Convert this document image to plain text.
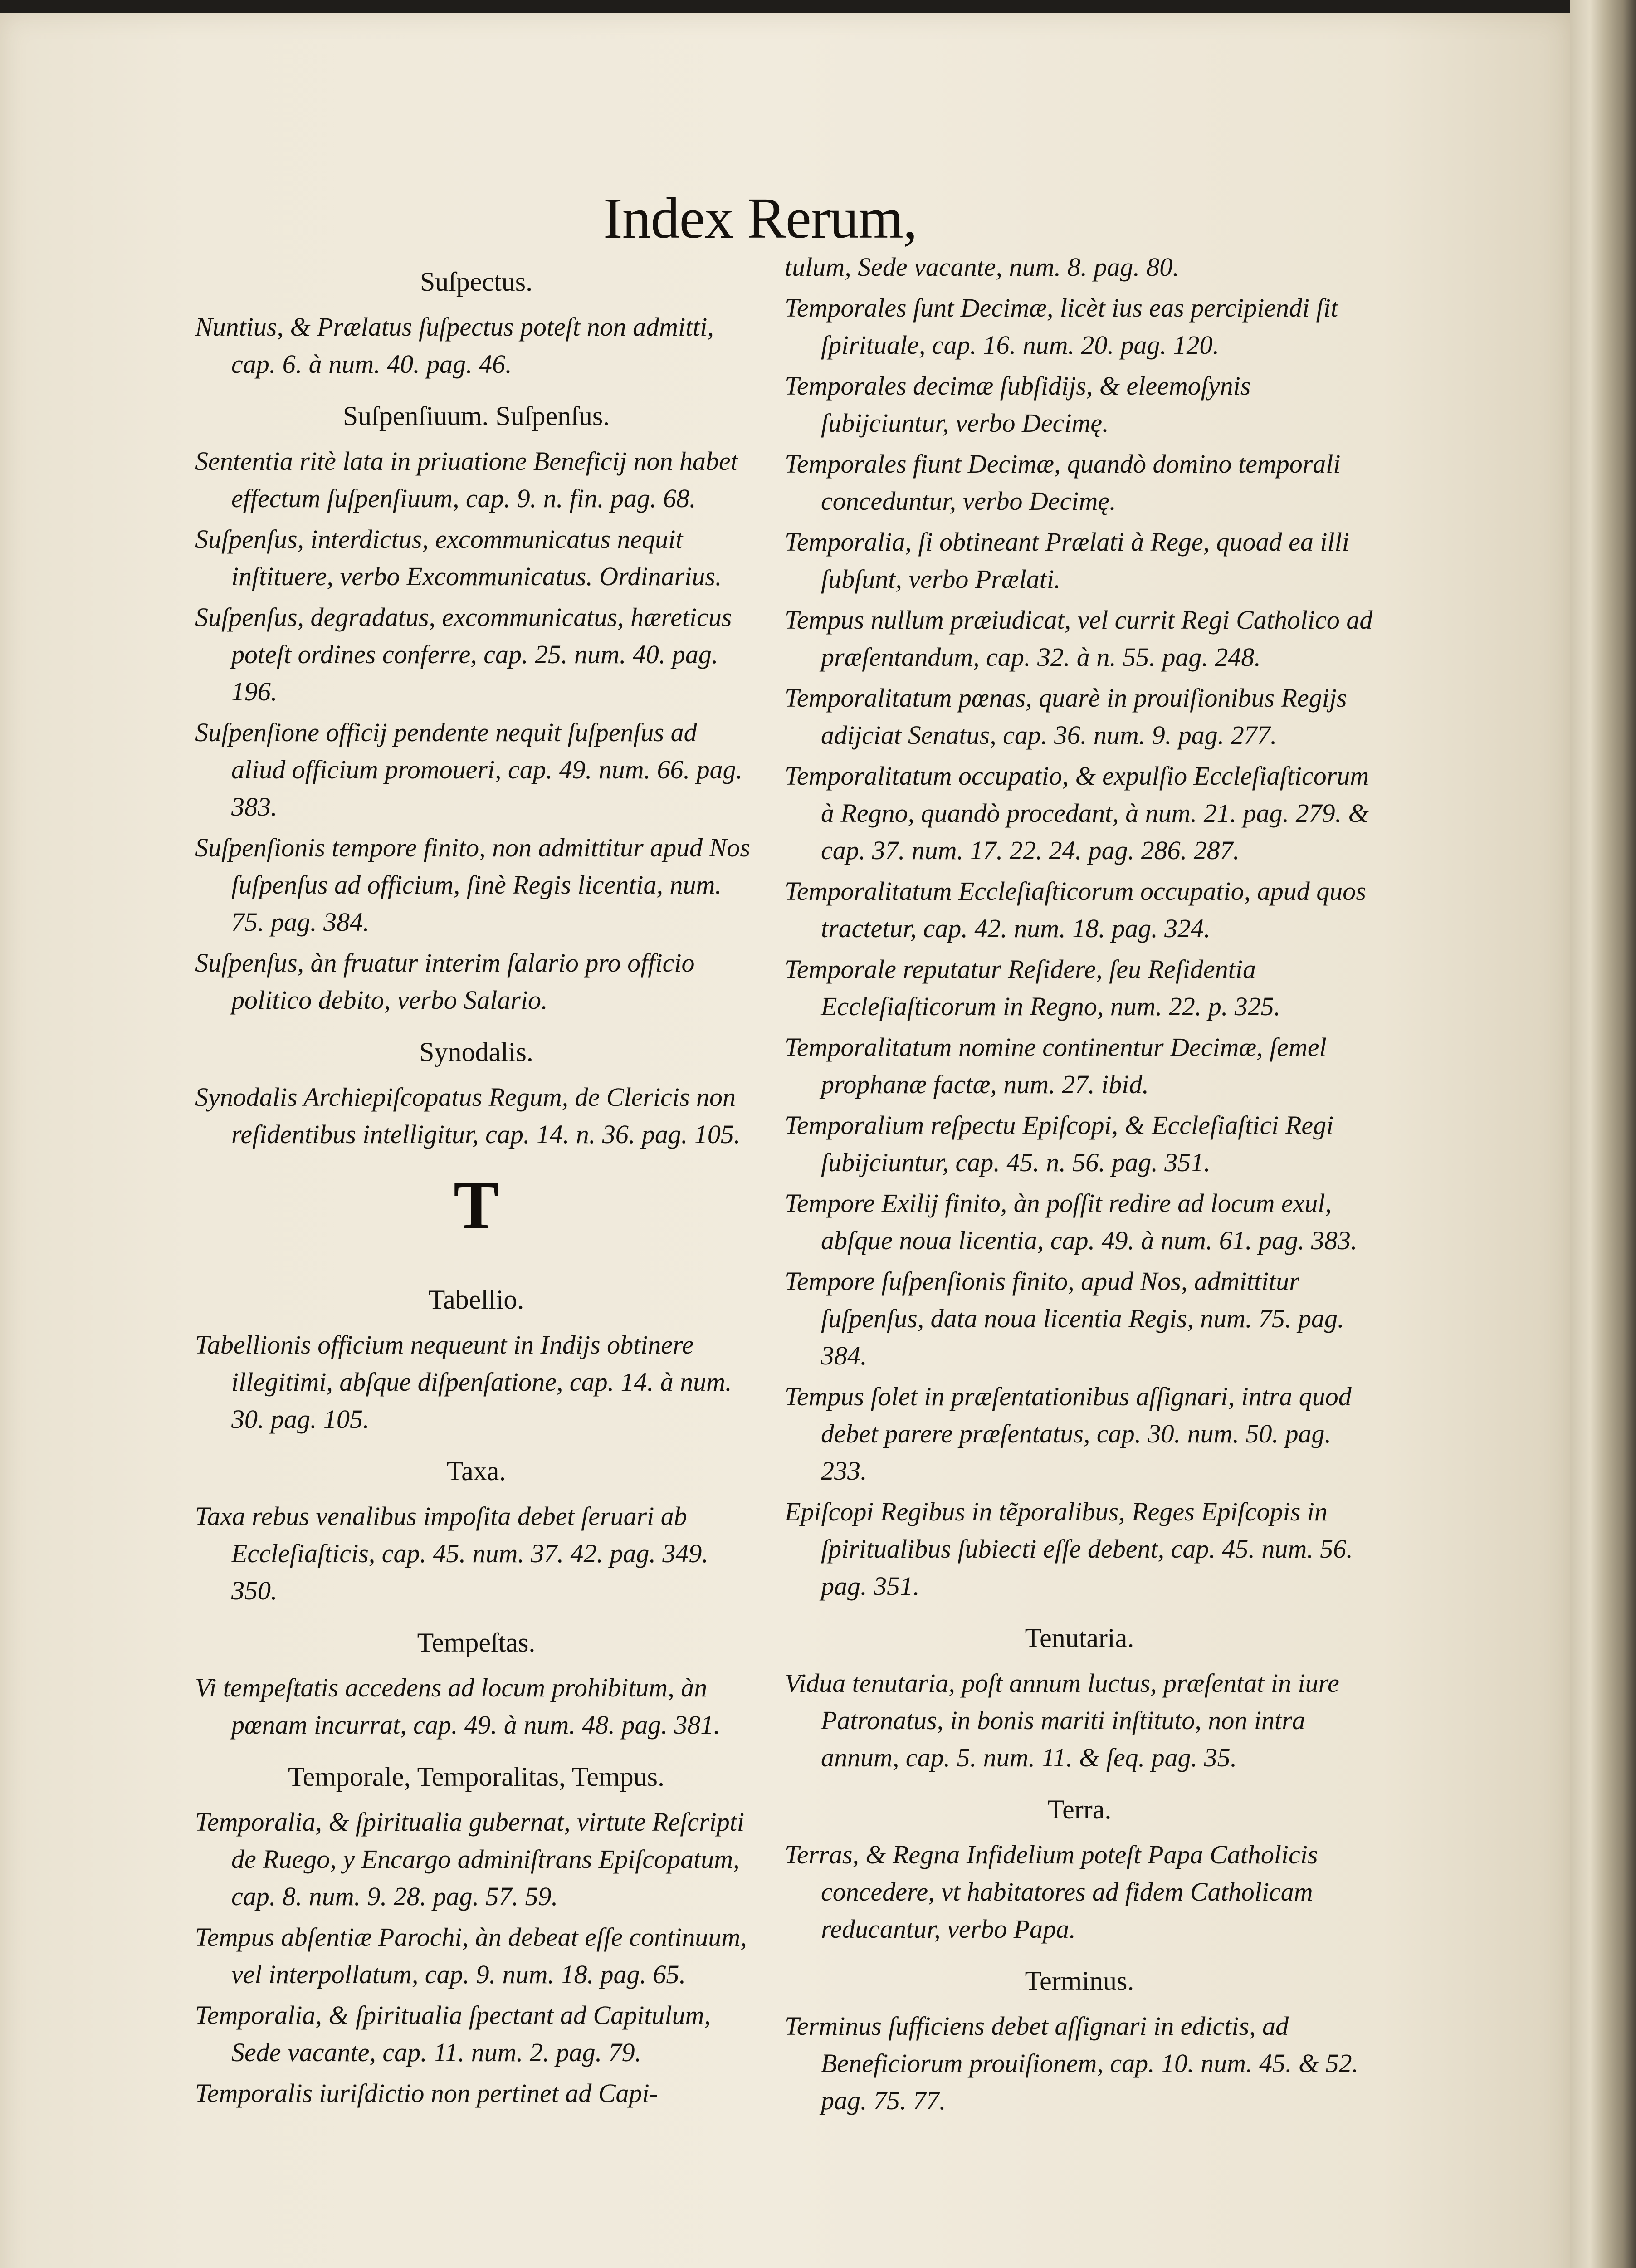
Index Rerum,
Suſpectus.
Nuntius, & Prælatus ſuſpectus poteſt non admitti, cap. 6. à num. 40. pag. 46.
Suſpenſiuum. Suſpenſus.
Sententia ritè lata in priuatione Beneficij non habet effectum ſuſpenſiuum, cap. 9. n. fin. pag. 68.
Suſpenſus, interdictus, excommunicatus nequit inſtituere, verbo Excommunicatus. Ordinarius.
Suſpenſus, degradatus, excommunicatus, hæreticus poteſt ordines conferre, cap. 25. num. 40. pag. 196.
Suſpenſione officij pendente nequit ſuſpenſus ad aliud officium promoueri, cap. 49. num. 66. pag. 383.
Suſpenſionis tempore finito, non admittitur apud Nos ſuſpenſus ad officium, ſinè Regis licentia, num. 75. pag. 384.
Suſpenſus, àn fruatur interim ſalario pro officio politico debito, verbo Salario.
Synodalis.
Synodalis Archiepiſcopatus Regum, de Clericis non reſidentibus intelligitur, cap. 14. n. 36. pag. 105.
T
Tabellio.
Tabellionis officium nequeunt in Indijs obtinere illegitimi, abſque diſpenſatione, cap. 14. à num. 30. pag. 105.
Taxa.
Taxa rebus venalibus impoſita debet ſeruari ab Eccleſiaſticis, cap. 45. num. 37. 42. pag. 349. 350.
Tempeſtas.
Vi tempeſtatis accedens ad locum prohibitum, àn pœnam incurrat, cap. 49. à num. 48. pag. 381.
Temporale, Temporalitas, Tempus.
Temporalia, & ſpiritualia gubernat, virtute Reſcripti de Ruego, y Encargo adminiſtrans Epiſcopatum, cap. 8. num. 9. 28. pag. 57. 59.
Tempus abſentiæ Parochi, àn debeat eſſe continuum, vel interpollatum, cap. 9. num. 18. pag. 65.
Temporalia, & ſpiritualia ſpectant ad Capitulum, Sede vacante, cap. 11. num. 2. pag. 79.
Temporalis iuriſdictio non pertinet ad Capi-
tulum, Sede vacante, num. 8. pag. 80.
Temporales ſunt Decimæ, licèt ius eas percipiendi ſit ſpirituale, cap. 16. num. 20. pag. 120.
Temporales decimæ ſubſidijs, & eleemoſynis ſubijciuntur, verbo Decimę.
Temporales fiunt Decimæ, quandò domino temporali conceduntur, verbo Decimę.
Temporalia, ſi obtineant Prælati à Rege, quoad ea illi ſubſunt, verbo Prælati.
Tempus nullum præiudicat, vel currit Regi Catholico ad præſentandum, cap. 32. à n. 55. pag. 248.
Temporalitatum pœnas, quarè in prouiſionibus Regijs adijciat Senatus, cap. 36. num. 9. pag. 277.
Temporalitatum occupatio, & expulſio Eccleſiaſticorum à Regno, quandò procedant, à num. 21. pag. 279. & cap. 37. num. 17. 22. 24. pag. 286. 287.
Temporalitatum Eccleſiaſticorum occupatio, apud quos tractetur, cap. 42. num. 18. pag. 324.
Temporale reputatur Reſidere, ſeu Reſidentia Eccleſiaſticorum in Regno, num. 22. p. 325.
Temporalitatum nomine continentur Decimæ, ſemel prophanæ factæ, num. 27. ibid.
Temporalium reſpectu Epiſcopi, & Eccleſiaſtici Regi ſubijciuntur, cap. 45. n. 56. pag. 351.
Tempore Exilij finito, àn poſſit redire ad locum exul, abſque noua licentia, cap. 49. à num. 61. pag. 383.
Tempore ſuſpenſionis finito, apud Nos, admittitur ſuſpenſus, data noua licentia Regis, num. 75. pag. 384.
Tempus ſolet in præſentationibus aſſignari, intra quod debet parere præſentatus, cap. 30. num. 50. pag. 233.
Epiſcopi Regibus in tẽporalibus, Reges Epiſcopis in ſpiritualibus ſubiecti eſſe debent, cap. 45. num. 56. pag. 351.
Tenutaria.
Vidua tenutaria, poſt annum luctus, præſentat in iure Patronatus, in bonis mariti inſtituto, non intra annum, cap. 5. num. 11. & ſeq. pag. 35.
Terra.
Terras, & Regna Infidelium poteſt Papa Catholicis concedere, vt habitatores ad fidem Catholicam reducantur, verbo Papa.
Terminus.
Terminus ſufficiens debet aſſignari in edictis, ad Beneficiorum prouiſionem, cap. 10. num. 45. & 52. pag. 75. 77.
